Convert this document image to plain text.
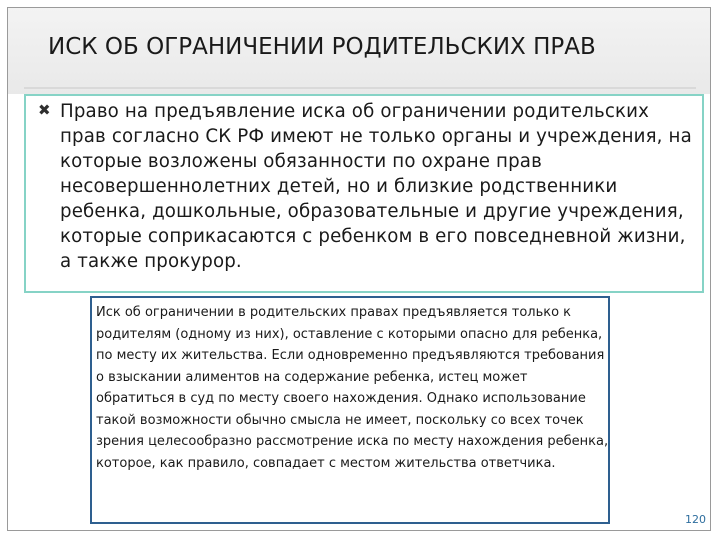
ИСК ОБ ОГРАНИЧЕНИИ РОДИТЕЛЬСКИХ ПРАВ
✖ Право на предъявление иска об ограничении родительских прав согласно СК РФ имеют не только органы и учреждения, на которые возложены обязанности по охране прав несовершеннолетних детей, но и близкие родственники ребенка, дошкольные, образовательные и другие учреждения, которые соприкасаются с ребенком в его повседневной жизни, а также прокурор.

Иск об ограничении в родительских правах предъявляется только к родителям (одному из них), оставление с которыми опасно для ребенка, по месту их жительства. Если одновременно предъявляются требования о взыскании алиментов на содержание ребенка, истец может обратиться в суд по месту своего нахождения. Однако использование такой возможности обычно смысла не имеет, поскольку со всех точек зрения целесообразно рассмотрение иска по месту нахождения ребенка, которое, как правило, совпадает с местом жительства ответчика.

120
